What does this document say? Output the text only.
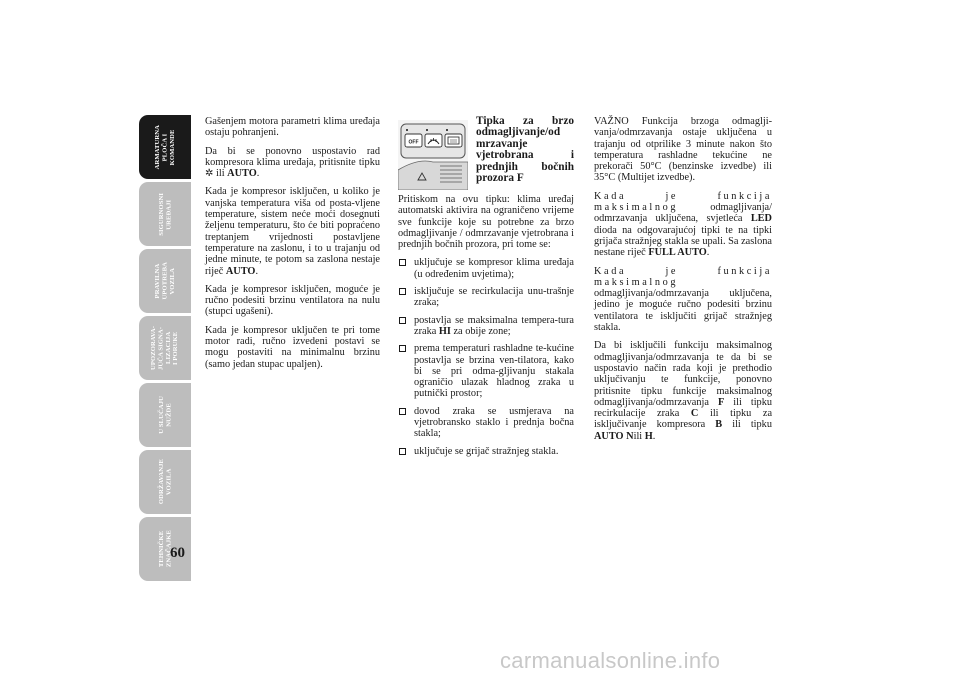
ARMATURNA
PLOČA I
KOMANDE
SIGURNOSNI
UREĐAJI
PRAVILNA
UPOTREBA
VOZILA
UPOZORAVA-
JUĆA SIGNA-
LIZACIJA
I PORUKE
U SLUČAJU
NUŽDE
ODRŽAVANJE
VOZILA
TEHNIČKE
ZNAČAJKE
60

Gašenjem motora parametri klima uređaja ostaju pohranjeni.

Da bi se ponovno uspostavio rad kompresora klima uređaja, pritisnite tipku ✲ ili AUTO.

Kada je kompresor isključen, u koliko je vanjska temperatura viša od posta-vljene temperature, sistem neće moći dosegnuti željenu temperaturu, što će biti popraćeno treptanjem vrijednosti postavljene temperature na zaslonu, i to u trajanju od jedne minute, te potom sa zaslona nestaje riječ AUTO.

Kada je kompresor isključen, moguće je ručno podesiti brzinu ventilatora na nulu (stupci ugašeni).

Kada je kompresor uključen te pri tome motor radi, ručno izvedeni postavi se mogu postaviti na minimalnu brzinu (samo jedan stupac upaljen).

OFF
Tipka za brzo odmagljivanje/od mrzavanje vjetrobrana i prednjih bočnih prozora F

Pritiskom na ovu tipku: klima uređaj automatski aktivira na ograničeno vrijeme sve funkcije koje su potrebne za brzo odmagljivanje / odmrzavanje vjetrobrana i prednjih bočnih prozora, pri tome se:

uključuje se kompresor klima uređaja (u određenim uvjetima);
isključuje se recirkulacija unu-trašnje zraka;
postavlja se maksimalna tempera-tura zraka HI za obije zone;
prema temperaturi rashladne te-kućine postavlja se brzina ven-tilatora, kako bi se pri odma-gljivanju stakala ograničio ulazak hladnog zraka u putnički prostor;
dovod zraka se usmjerava na vjetrobransko staklo i prednja bočna stakla;
uključuje se grijač stražnjeg stakla.

VAŽNO Funkcija brzoga odmaglji-vanja/odmrzavanja ostaje uključena u trajanju od otprilike 3 minute nakon što temperatura rashladne tekućine ne prekorači 50°C (benzinske izvedbe) ili 35°C (Multijet izvedbe).

Kada je funkcija maksimalnog	odmagljivanja/ odmrzavanja uključena, svjetleća LED dioda na odgovarajućoj tipki te na tipki grijača stražnjeg stakla se upali. Sa zaslona nestane riječ FULL AUTO.

Kada je funkcija maksimalnog odmagljivanja/odmrzavanja uključena, jedino je moguće ručno podesiti brzinu ventilatora te isključiti grijač stražnjeg stakla.

Da bi isključili funkciju maksimalnog odmagljivanja/odmrzavanja te da bi se uspostavio način rada koji je prethodio uključivanju te funkcije, ponovno pritisnite tipku funkcije maksimalnog odmagljivanja/odmrzavanja F ili tipku recirkulacije zraka C ili tipku za isključivanje kompresora B ili tipku AUTO Nili H.

carmanualsonline.info
